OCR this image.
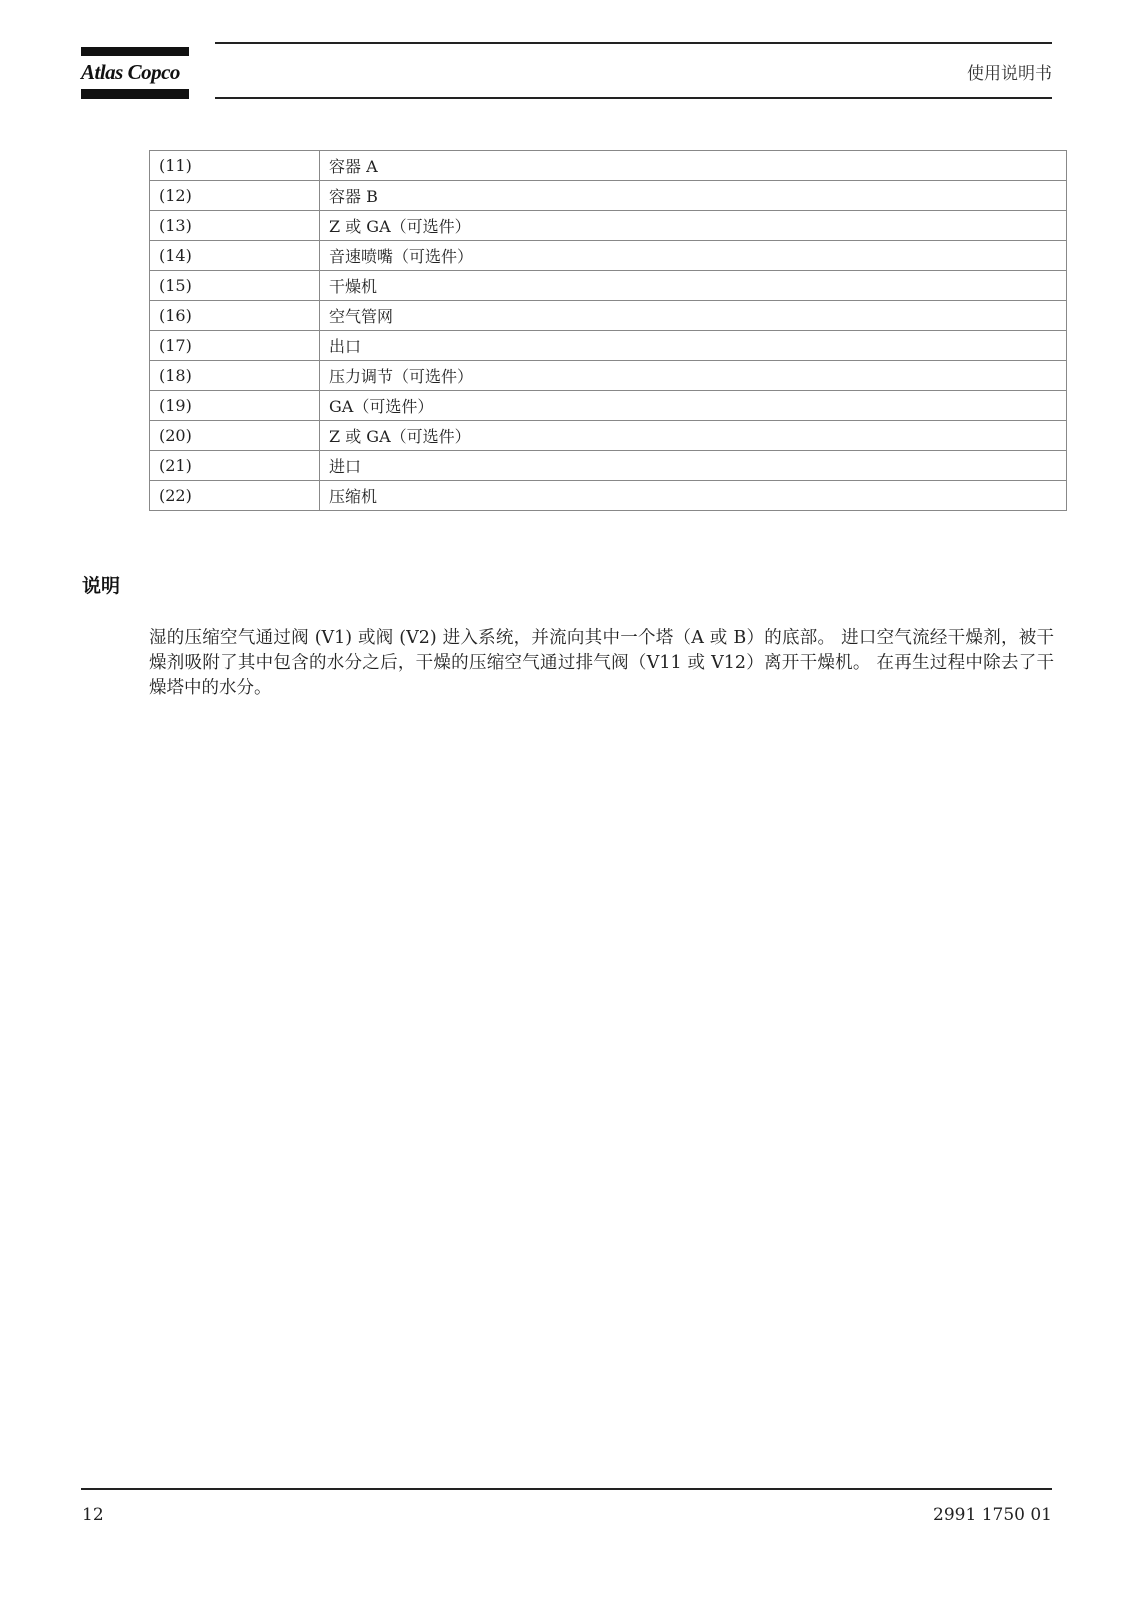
Atlas Copco	使用说明书
(11)	容器 A
(12)	容器 B
(13)	Z 或 GA（可选件）
(14)	音速喷嘴（可选件）
(15)	干燥机
(16)	空气管网
(17)	出口
(18)	压力调节（可选件）
(19)	GA（可选件）
(20)	Z 或 GA（可选件）
(21)	进口
(22)	压缩机
说明

湿的压缩空气通过阀 (V1) 或阀 (V2) 进入系统，并流向其中一个塔（A 或 B）的底部。 进口空气流经干燥剂，被干燥剂吸附了其中包含的水分之后，干燥的压缩空气通过排气阀（V11 或 V12）离开干燥机。 在再生过程中除去了干燥塔中的水分。

12	2991 1750 01
